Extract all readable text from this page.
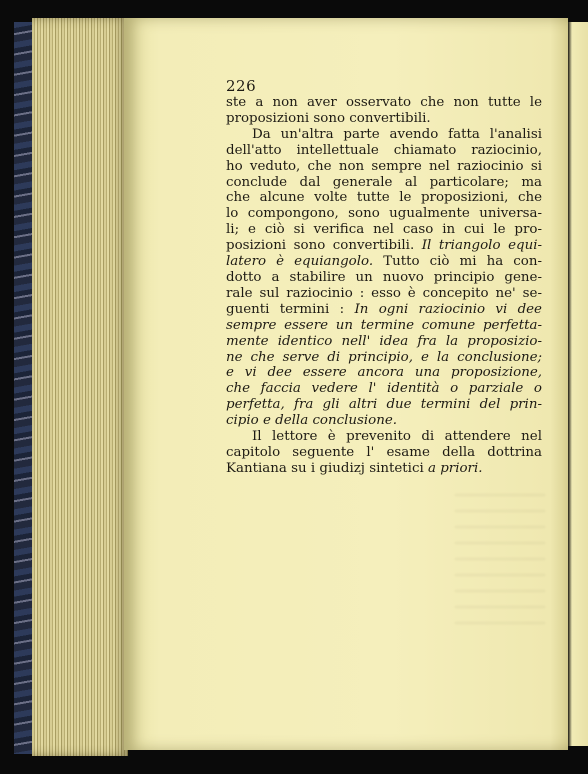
226
ste a non aver osservato che non tutte le
proposizioni sono convertibili.
Da un'altra parte avendo fatta l'analisi
dell'atto intellettuale chiamato raziocinio,
ho veduto, che non sempre nel raziocinio si
conclude dal generale al particolare; ma
che alcune volte tutte le proposizioni, che
lo compongono, sono ugualmente universa-
li; e ciò si verifica nel caso in cui le pro-
posizioni sono convertibili. Il triangolo equi-
latero è equiangolo. Tutto ciò mi ha con-
dotto a stabilire un nuovo principio gene-
rale sul raziocinio : esso è concepito ne' se-
guenti termini : In ogni raziocinio vi dee
sempre essere un termine comune perfetta-
mente identico nell' idea fra la proposizio-
ne che serve di principio, e la conclusione;
e vi dee essere ancora una proposizione,
che faccia vedere l' identità o parziale o
perfetta, fra gli altri due termini del prin-
cipio e della conclusione.
Il lettore è prevenito di attendere nel
capitolo seguente l' esame della dottrina
Kantiana su i giudizj sintetici a priori.
